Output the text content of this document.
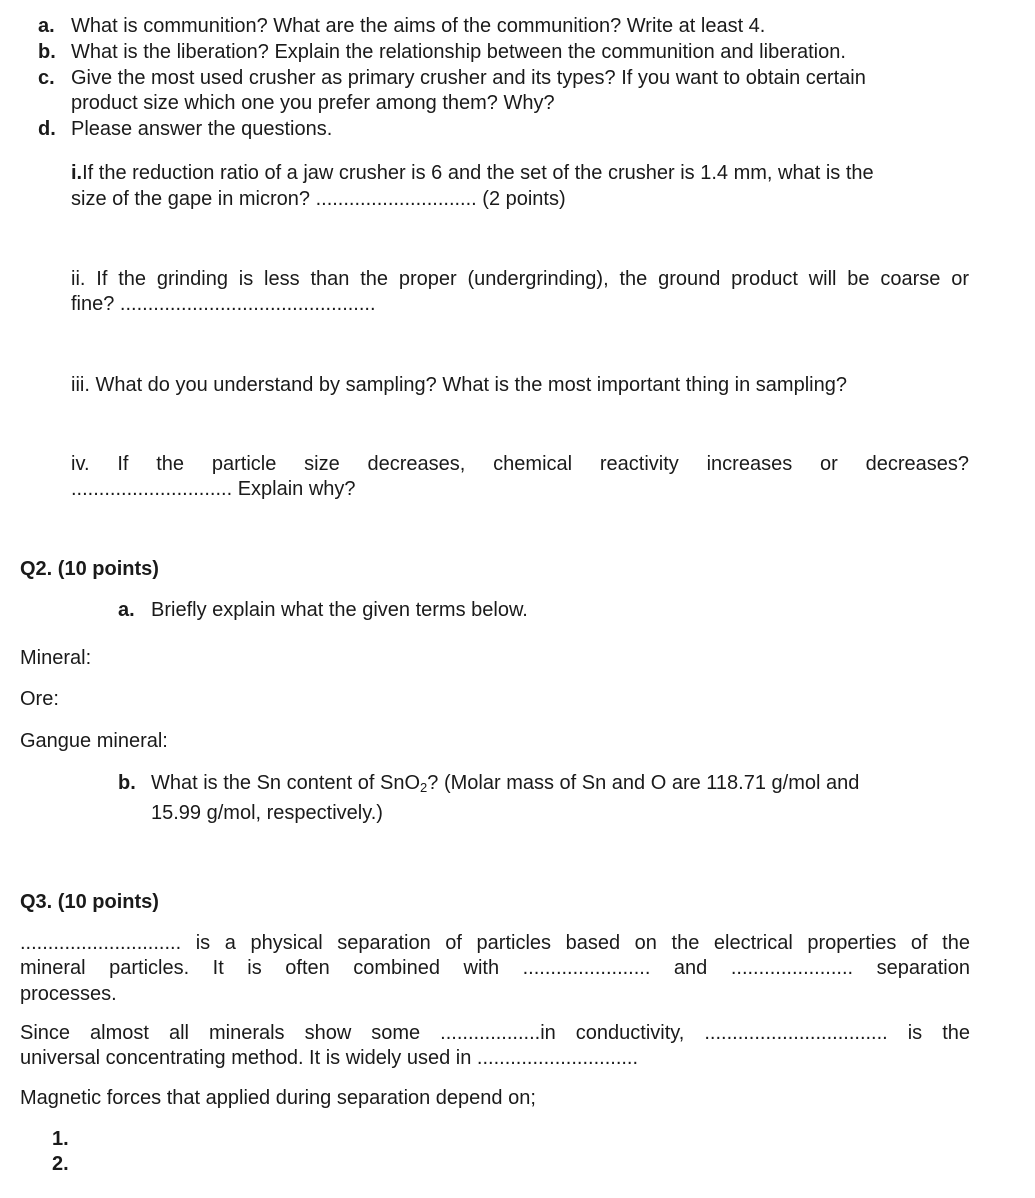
a. What is communition? What are the aims of the communition? Write at least 4.
b. What is the liberation? Explain the relationship between the communition and liberation.
c. Give the most used crusher as primary crusher and its types? If you want to obtain certain
product size which one you prefer among them? Why?
d. Please answer the questions.
i.If the reduction ratio of a jaw crusher is 6 and the set of the crusher is 1.4 mm, what is the
size of the gape in micron? ............................. (2 points)
ii. If the grinding is less than the proper (undergrinding), the ground product will be coarse or
fine? ..............................................
iii. What do you understand by sampling? What is the most important thing in sampling?
iv. If the particle size decreases, chemical reactivity increases or decreases?
............................. Explain why?
Q2. (10 points)
a. Briefly explain what the given terms below.
Mineral:
Ore:
Gangue mineral:
b. What is the Sn content of SnO$_2$? (Molar mass of Sn and O are 118.71 g/mol and
15.99 g/mol, respectively.)
Q3. (10 points)
............................. is a physical separation of particles based on the electrical properties of the
mineral particles. It is often combined with ....................... and ...................... separation
processes.
Since almost all minerals show some ..................in conductivity, ................................. is the
universal concentrating method. It is widely used in .............................
Magnetic forces that applied during separation depend on;
1.
2.
